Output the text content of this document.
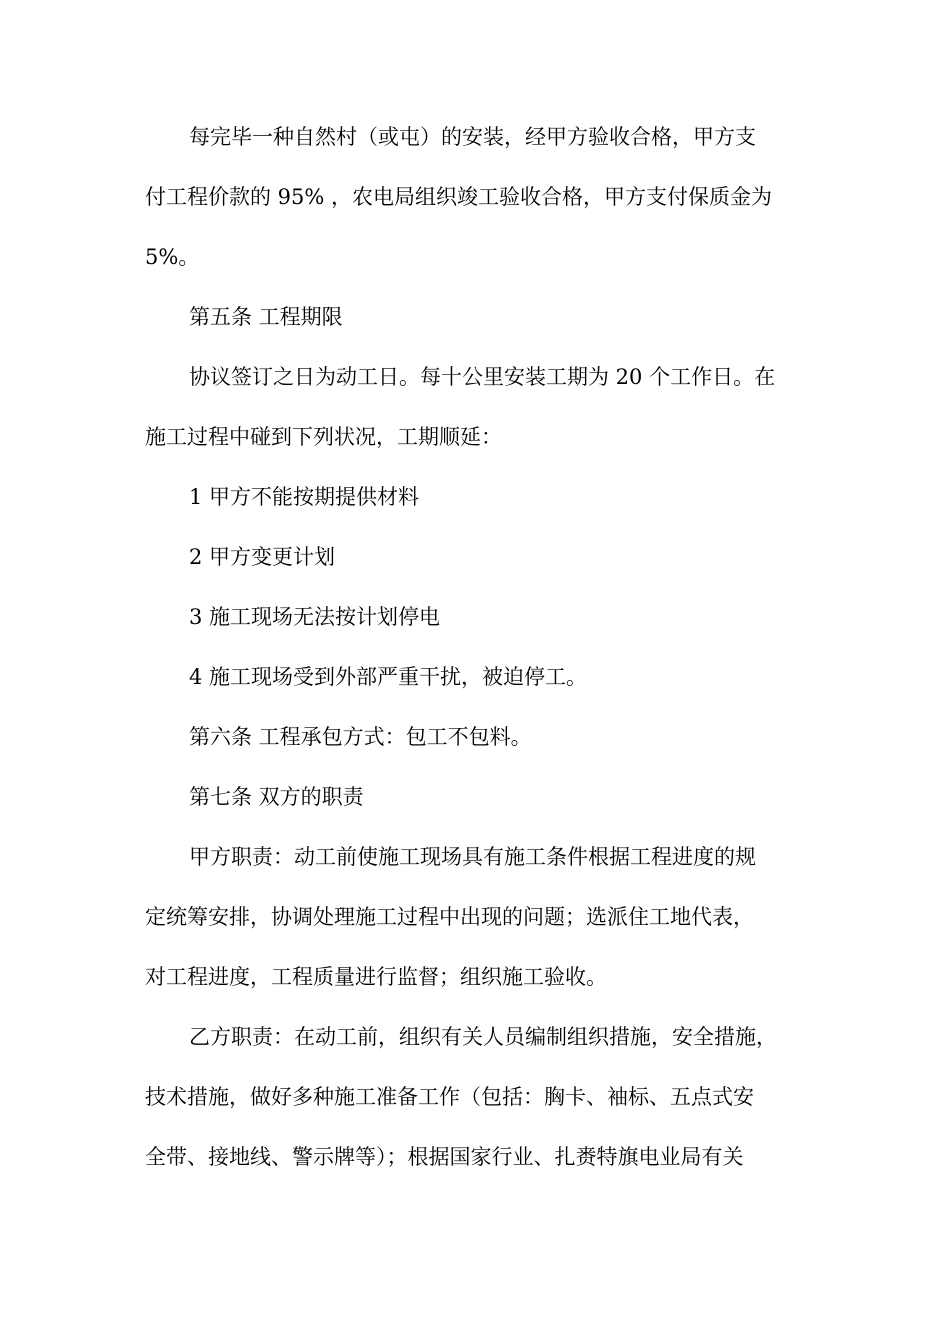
每完毕一种自然村（或屯）的安装，经甲方验收合格，甲方支

付工程价款的 95% ，农电局组织竣工验收合格，甲方支付保质金为

5%。

第五条 工程期限

协议签订之日为动工日。每十公里安装工期为 20 个工作日。在

施工过程中碰到下列状况，工期顺延：

1 甲方不能按期提供材料

2 甲方变更计划

3 施工现场无法按计划停电

4 施工现场受到外部严重干扰，被迫停工。

第六条 工程承包方式：包工不包料。

第七条 双方的职责

甲方职责：动工前使施工现场具有施工条件根据工程进度的规

定统筹安排，协调处理施工过程中出现的问题；选派住工地代表，

对工程进度，工程质量进行监督；组织施工验收。

乙方职责：在动工前，组织有关人员编制组织措施，安全措施，

技术措施，做好多种施工准备工作（包括：胸卡、袖标、五点式安

全带、接地线、警示牌等）；根据国家行业、扎赉特旗电业局有关
